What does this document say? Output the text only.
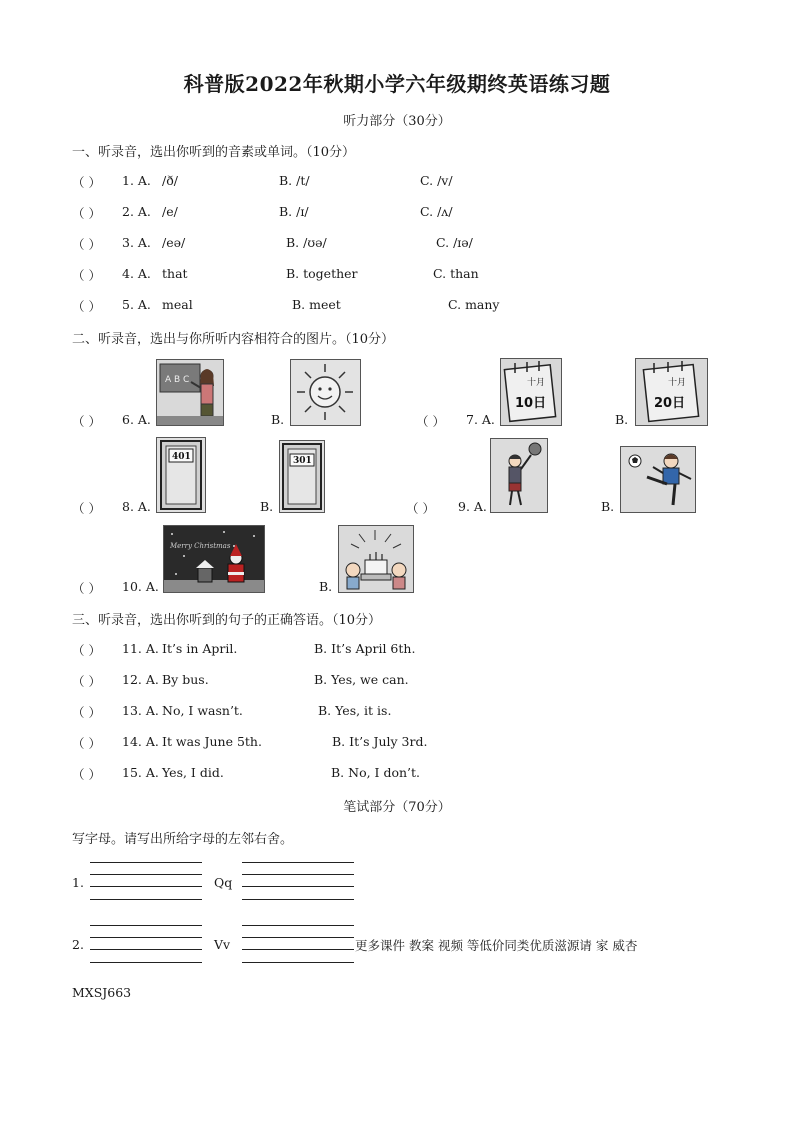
科普版2022年秋期小学六年级期终英语练习题
听力部分（30分）
一、听录音，选出你听到的音素或单词。（10分）
（ ） 1. A. /ð/	B. /t/	C. /v/
（ ） 2. A. /e/	B. /ɪ/	C. /ʌ/
（ ） 3. A. /eə/	B. /ʊə/	C. /ɪə/
（ ） 4. A. that	B. together	C. than
（ ） 5. A. meal	B. meet	C. many
二、听录音，选出与你所听内容相符合的图片。（10分）
（ ） 6. A.
A B C
B.	（ ） 7. A.
十月
10日
B.
十月
20日
（ ） 8. A.
401
B.
301
（ ） 9. A.	B.
（ ） 10. A.
Merry Christmas
B.
三、听录音，选出你听到的句子的正确答语。（10分）
（ ） 11. A. It’s in April.	B. It’s April 6th.
（ ） 12. A. By bus.	B. Yes, we can.
（ ） 13. A. No, I wasn’t.	B. Yes, it is.
（ ） 14. A. It was June 5th.	B. It’s July 3rd.
（ ） 15. A. Yes, I did.	B. No, I don’t.
笔试部分（70分）
写字母。请写出所给字母的左邻右舍。
1.	Qq
2.	Vv	更多课件 教案 视频 等低价同类优质滋源请 家 威杏
MXSJ663
